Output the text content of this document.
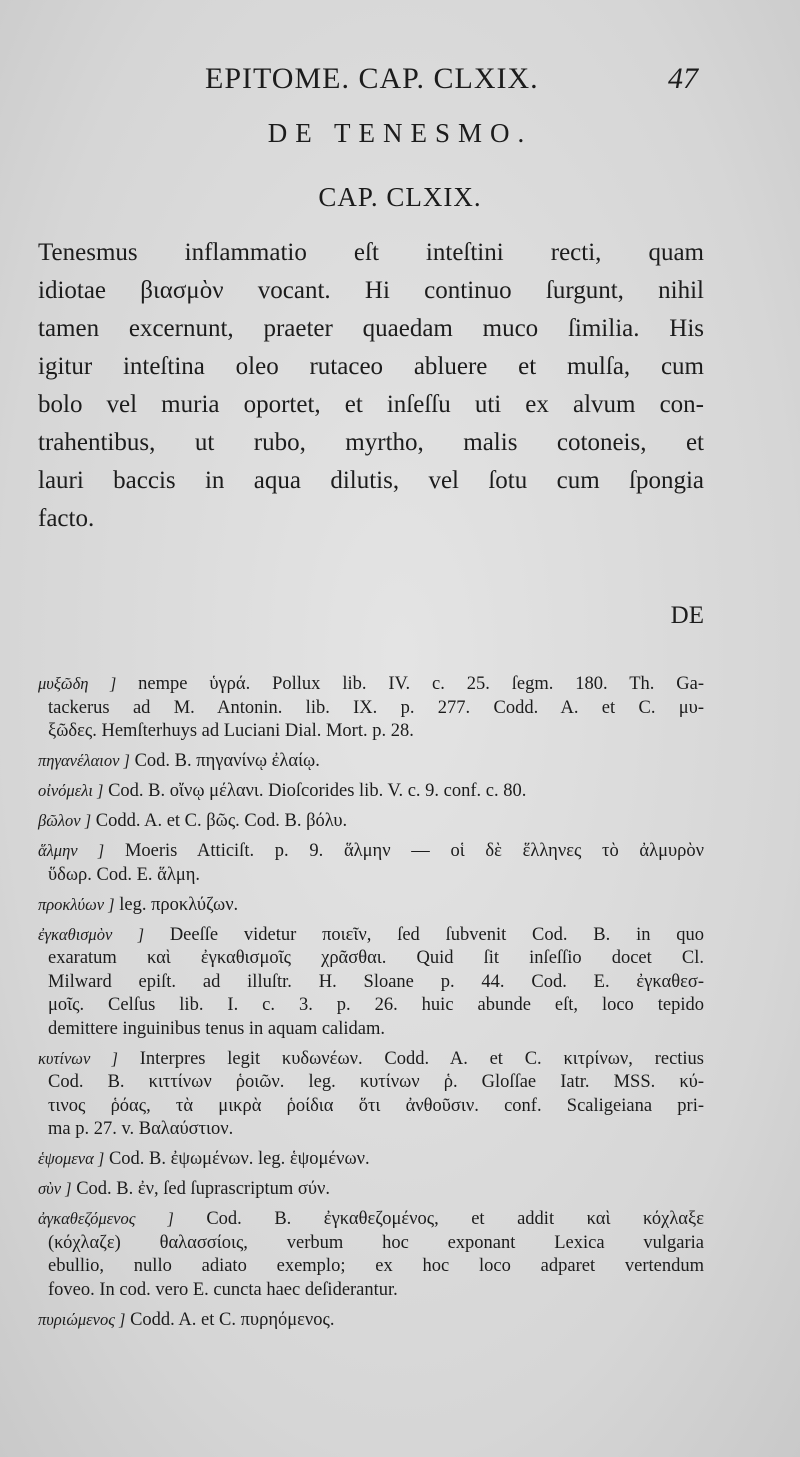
EPITOME. CAP. CLXIX.	47
DE TENESMO.
CAP. CLXIX.
Tenesmus inflammatio eſt inteſtini recti, quam
idiotae βιασμὸν vocant. Hi continuo ſurgunt, nihil
tamen excernunt, praeter quaedam muco ſimilia. His
igitur inteſtina oleo rutaceo abluere et mulſa, cum
bolo vel muria oportet, et inſeſſu uti ex alvum con-
trahentibus, ut rubo, myrtho, malis cotoneis, et
lauri baccis in aqua dilutis, vel ſotu cum ſpongia
facto.
DE
μυξῶδη ] nempe ὑγρά. Pollux lib. IV. c. 25. ſegm. 180. Th. Ga-
tackerus ad M. Antonin. lib. IX. p. 277. Codd. A. et C. μυ-
ξῶδες. Hemſterhuys ad Luciani Dial. Mort. p. 28.
πηγανέλαιον ] Cod. B. πηγανίνῳ ἐλαίῳ.
οἰνόμελι ] Cod. B. οἴνῳ μέλανι. Dioſcorides lib. V. c. 9. conf. c. 80.
βῶλον ] Codd. A. et C. βῶς. Cod. B. βόλυ.
ἅλμην ] Moeris Atticiſt. p. 9. ἅλμην — οἱ δὲ ἕλληνες τὸ ἀλμυρὸν
ὕδωρ. Cod. E. ἅλμη.
προκλύων ] leg. προκλύζων.
ἐγκαθισμὸν ] Deeſſe videtur ποιεῖν, ſed ſubvenit Cod. B. in quo
exaratum καὶ ἐγκαθισμοῖς χρᾶσθαι. Quid ſit inſeſſio docet Cl.
Milward epiſt. ad illuſtr. H. Sloane p. 44. Cod. E. ἐγκαθεσ-
μοῖς. Celſus lib. I. c. 3. p. 26. huic abunde eſt, loco tepido
demittere inguinibus tenus in aquam calidam.
κυτίνων ] Interpres legit κυδωνέων. Codd. A. et C. κιτρίνων, rectius
Cod. B. κιττίνων ῥοιῶν. leg. κυτίνων ῥ. Gloſſae Iatr. MSS. κύ-
τινος ῥόας, τὰ μικρὰ ῥοίδια ὅτι ἀνθοῦσιν. conf. Scaligeiana pri-
ma p. 27. v. Βαλαύστιον.
ἑψομενα ] Cod. B. ἐψωμένων. leg. ἑψομένων.
σὺν ] Cod. B. ἐν, ſed ſuprascriptum σύν.
ἀγκαθεζόμενος ] Cod. B. ἐγκαθεζομένος, et addit καὶ κόχλαξε
(κόχλαζε) θαλασσίοις, verbum hoc exponant Lexica vulgaria
ebullio, nullo adiato exemplo; ex hoc loco adparet vertendum
foveo. In cod. vero E. cuncta haec deſiderantur.
πυριώμενος ] Codd. A. et C. πυρηόμενος.
